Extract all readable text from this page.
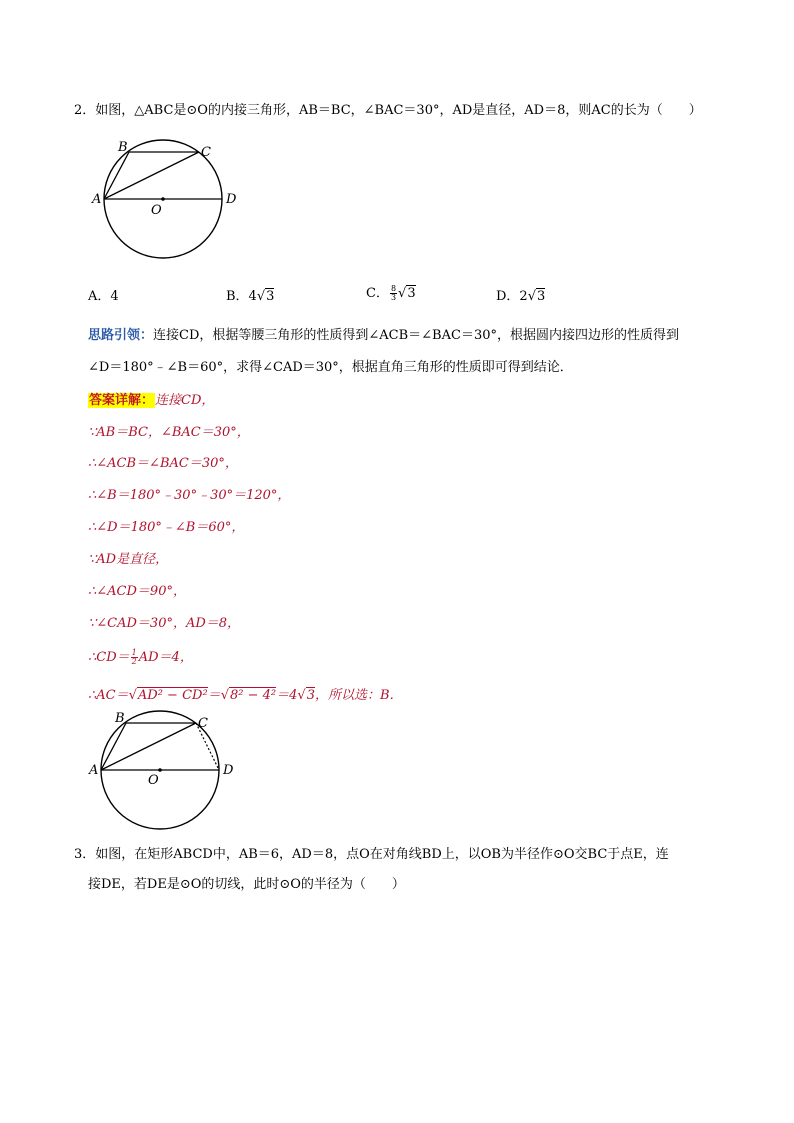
2．如图，△ABC是⊙O的内接三角形，AB＝BC，∠BAC＝30°，AD是直径，AD＝8，则AC的长为（　　）
A
B	C
D
O
A．4	B．4√3	C． $\frac{8}{3} √3$	D．2√3
思路引领：连接CD，根据等腰三角形的性质得到∠ACB＝∠BAC＝30°，根据圆内接四边形的性质得到
∠D＝180°﹣∠B＝60°，求得∠CAD＝30°，根据直角三角形的性质即可得到结论．
答案详解：连接CD，
∵AB＝BC，∠BAC＝30°，
∴∠ACB＝∠BAC＝30°，
∴∠B＝180°﹣30°﹣30°＝120°，
∴∠D＝180°﹣∠B＝60°，
∵AD是直径，
∴∠ACD＝90°，
∵∠CAD＝30°，AD＝8，
∴CD＝ $\frac{1}{2} AD=4$，
∴AC＝√AD² − CD²＝√8² − 4²＝4√3，所以选：B．
A
B	C
D
O
3．如图，在矩形ABCD中，AB＝6，AD＝8，点O在对角线BD上，以OB为半径作⊙O交BC于点E，连
接DE，若DE是⊙O的切线，此时⊙O的半径为（　　）
